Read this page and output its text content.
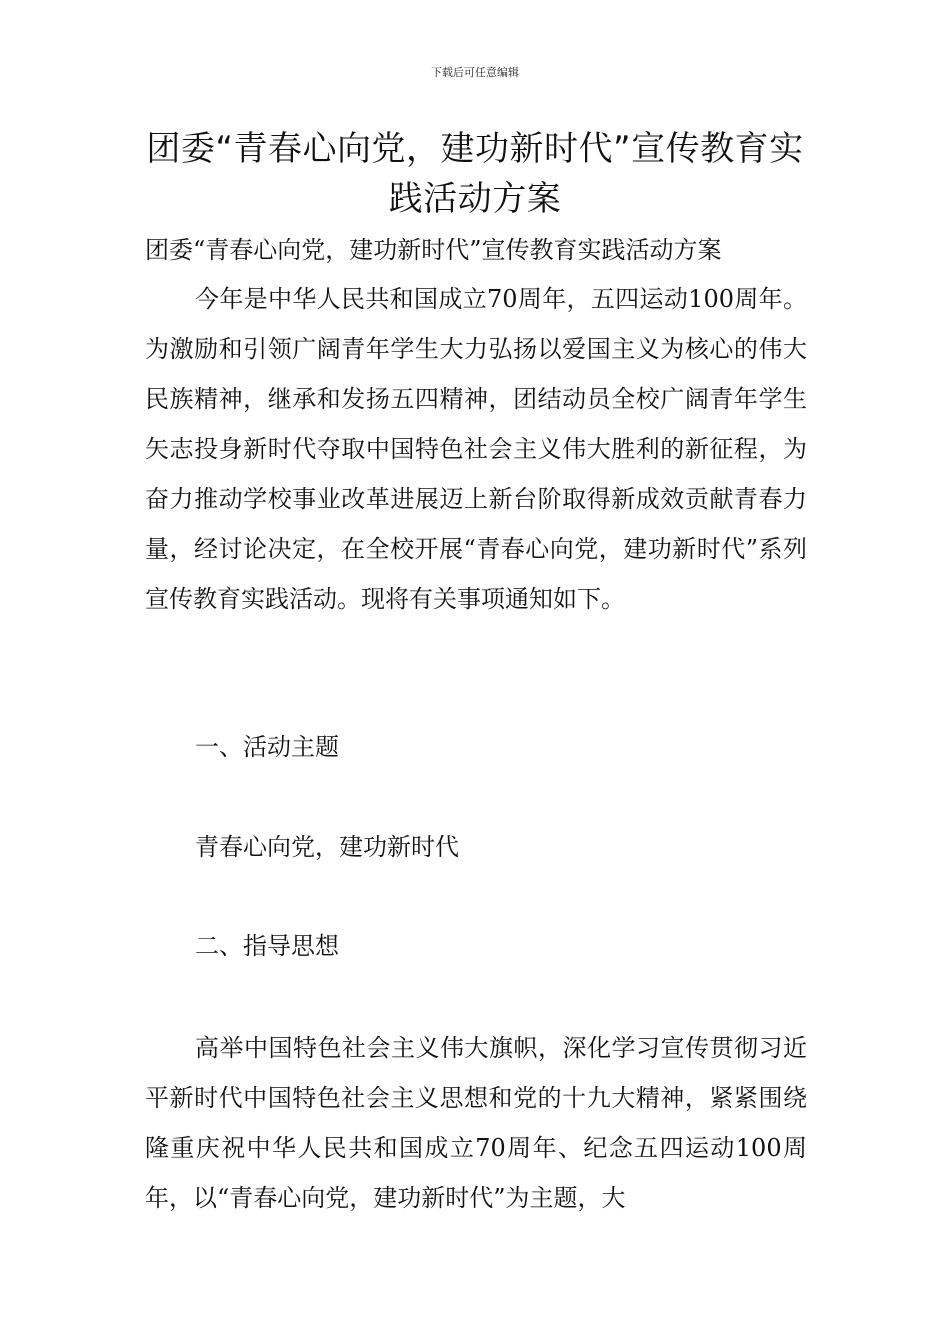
下载后可任意编辑
团委“青春心向党，建功新时代”宣传教育实践活动方案

团委“青春心向党，建功新时代”宣传教育实践活动方案

今年是中华人民共和国成立70周年，五四运动100周年。为激励和引领广阔青年学生大力弘扬以爱国主义为核心的伟大民族精神，继承和发扬五四精神，团结动员全校广阔青年学生矢志投身新时代夺取中国特色社会主义伟大胜利的新征程，为奋力推动学校事业改革进展迈上新台阶取得新成效贡献青春力量，经讨论决定，在全校开展“青春心向党，建功新时代”系列宣传教育实践活动。现将有关事项通知如下。

一、活动主题

青春心向党，建功新时代

二、指导思想

高举中国特色社会主义伟大旗帜，深化学习宣传贯彻习近平新时代中国特色社会主义思想和党的十九大精神，紧紧围绕隆重庆祝中华人民共和国成立70周年、纪念五四运动100周年，以“青春心向党，建功新时代”为主题，大
